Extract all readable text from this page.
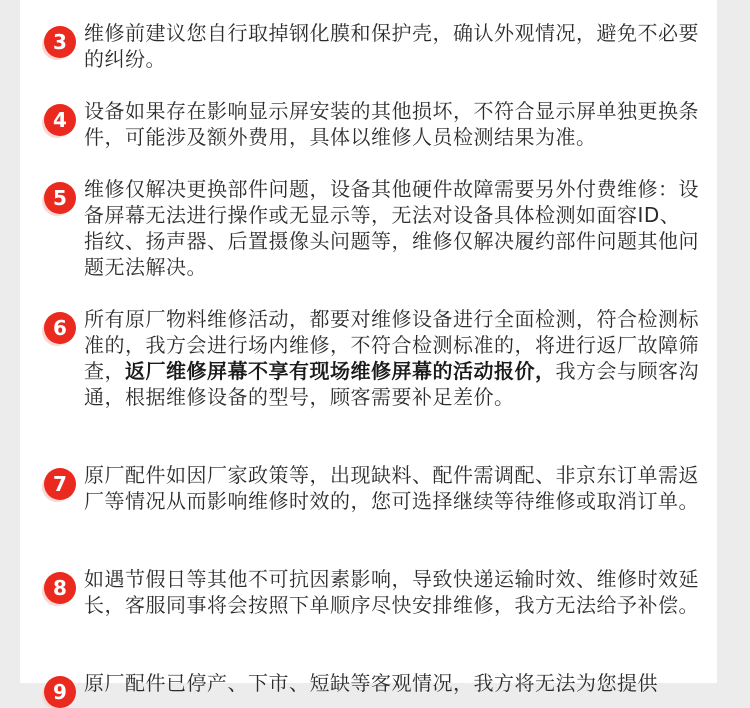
3 维修前建议您自行取掉钢化膜和保护壳，确认外观情况，避免不必要的纠纷。

4 设备如果存在影响显示屏安装的其他损坏，不符合显示屏单独更换条件，可能涉及额外费用，具体以维修人员检测结果为准。

5 维修仅解决更换部件问题，设备其他硬件故障需要另外付费维修：设备屏幕无法进行操作或无显示等，无法对设备具体检测如面容ID、指纹、扬声器、后置摄像头问题等，维修仅解决履约部件问题其他问题无法解决。

6 所有原厂物料维修活动，都要对维修设备进行全面检测，符合检测标准的，我方会进行场内维修，不符合检测标准的，将进行返厂故障筛查，返厂维修屏幕不享有现场维修屏幕的活动报价，我方会与顾客沟通，根据维修设备的型号，顾客需要补足差价。

7 原厂配件如因厂家政策等，出现缺料、配件需调配、非京东订单需返厂等情况从而影响维修时效的，您可选择继续等待维修或取消订单。

8 如遇节假日等其他不可抗因素影响，导致快递运输时效、维修时效延长，客服同事将会按照下单顺序尽快安排维修，我方无法给予补偿。

9 原厂配件已停产、下市、短缺等客观情况，我方将无法为您提供
